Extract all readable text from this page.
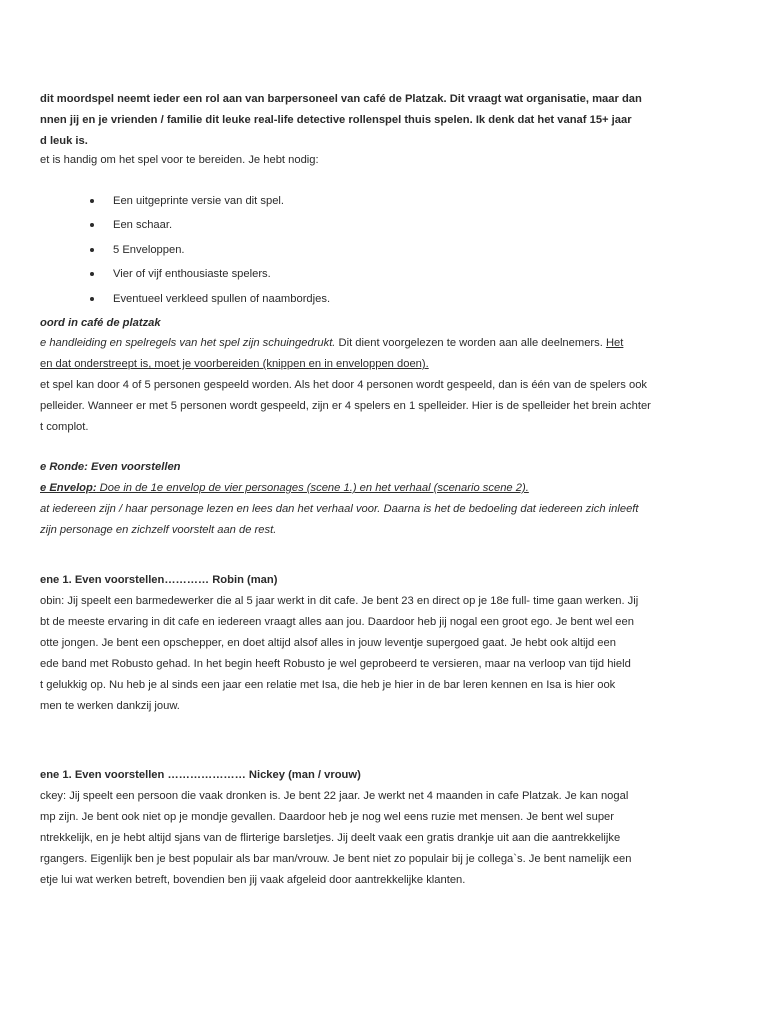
dit moordspel neemt ieder een rol aan van barpersoneel van café de Platzak. Dit vraagt wat organisatie, maar dan
nnen jij en je vrienden / familie dit leuke real-life detective rollenspel thuis spelen. Ik denk dat het vanaf 15+ jaar
d leuk is.
et is handig om het spel voor te bereiden. Je hebt nodig:
Een uitgeprinte versie van dit spel.
Een schaar.
5 Enveloppen.
Vier of vijf enthousiaste spelers.
Eventueel verkleed spullen of naambordjes.
oord in café de platzak
e handleiding en spelregels van het spel zijn schuingedrukt. Dit dient voorgelezen te worden aan alle deelnemers. Het
en dat onderstreept is, moet je voorbereiden (knippen en in enveloppen doen).
et spel kan door 4 of 5 personen gespeeld worden. Als het door 4 personen wordt gespeeld, dan is één van de spelers ook
pelleider. Wanneer er met 5 personen wordt gespeeld, zijn er 4 spelers en 1 spelleider. Hier is de spelleider het brein achter
t complot.
e Ronde: Even voorstellen
e Envelop: Doe in de 1e envelop de vier personages (scene 1.) en het verhaal (scenario scene 2).
at iedereen zijn / haar personage lezen en lees dan het verhaal voor. Daarna is het de bedoeling dat iedereen zich inleeft
zijn personage en zichzelf voorstelt aan de rest.
ene 1. Even voorstellen………… Robin (man)
obin: Jij speelt een barmedewerker die al 5 jaar werkt in dit cafe. Je bent 23 en direct op je 18e full- time gaan werken. Jij
bt de meeste ervaring in dit cafe en iedereen vraagt alles aan jou. Daardoor heb jij nogal een groot ego. Je bent wel een
otte jongen. Je bent een opschepper, en doet altijd alsof alles in jouw leventje supergoed gaat. Je hebt ook altijd een
ede band met Robusto gehad. In het begin heeft Robusto je wel geprobeerd te versieren, maar na verloop van tijd hield
t gelukkig op. Nu heb je al sinds een jaar een relatie met Isa, die heb je hier in de bar leren kennen en Isa is hier ook
men te werken dankzij jouw.
ene 1. Even voorstellen ………………… Nickey (man / vrouw)
ckey: Jij speelt een persoon die vaak dronken is. Je bent 22 jaar. Je werkt net 4 maanden in cafe Platzak. Je kan nogal
mp zijn. Je bent ook niet op je mondje gevallen. Daardoor heb je nog wel eens ruzie met mensen. Je bent wel super
ntrekkelijk, en je hebt altijd sjans van de flirterige barsletjes. Jij deelt vaak een gratis drankje uit aan die aantrekkelijke
rgangers. Eigenlijk ben je best populair als bar man/vrouw. Je bent niet zo populair bij je collega`s. Je bent namelijk een
etje lui wat werken betreft, bovendien ben jij vaak afgeleid door aantrekkelijke klanten.
